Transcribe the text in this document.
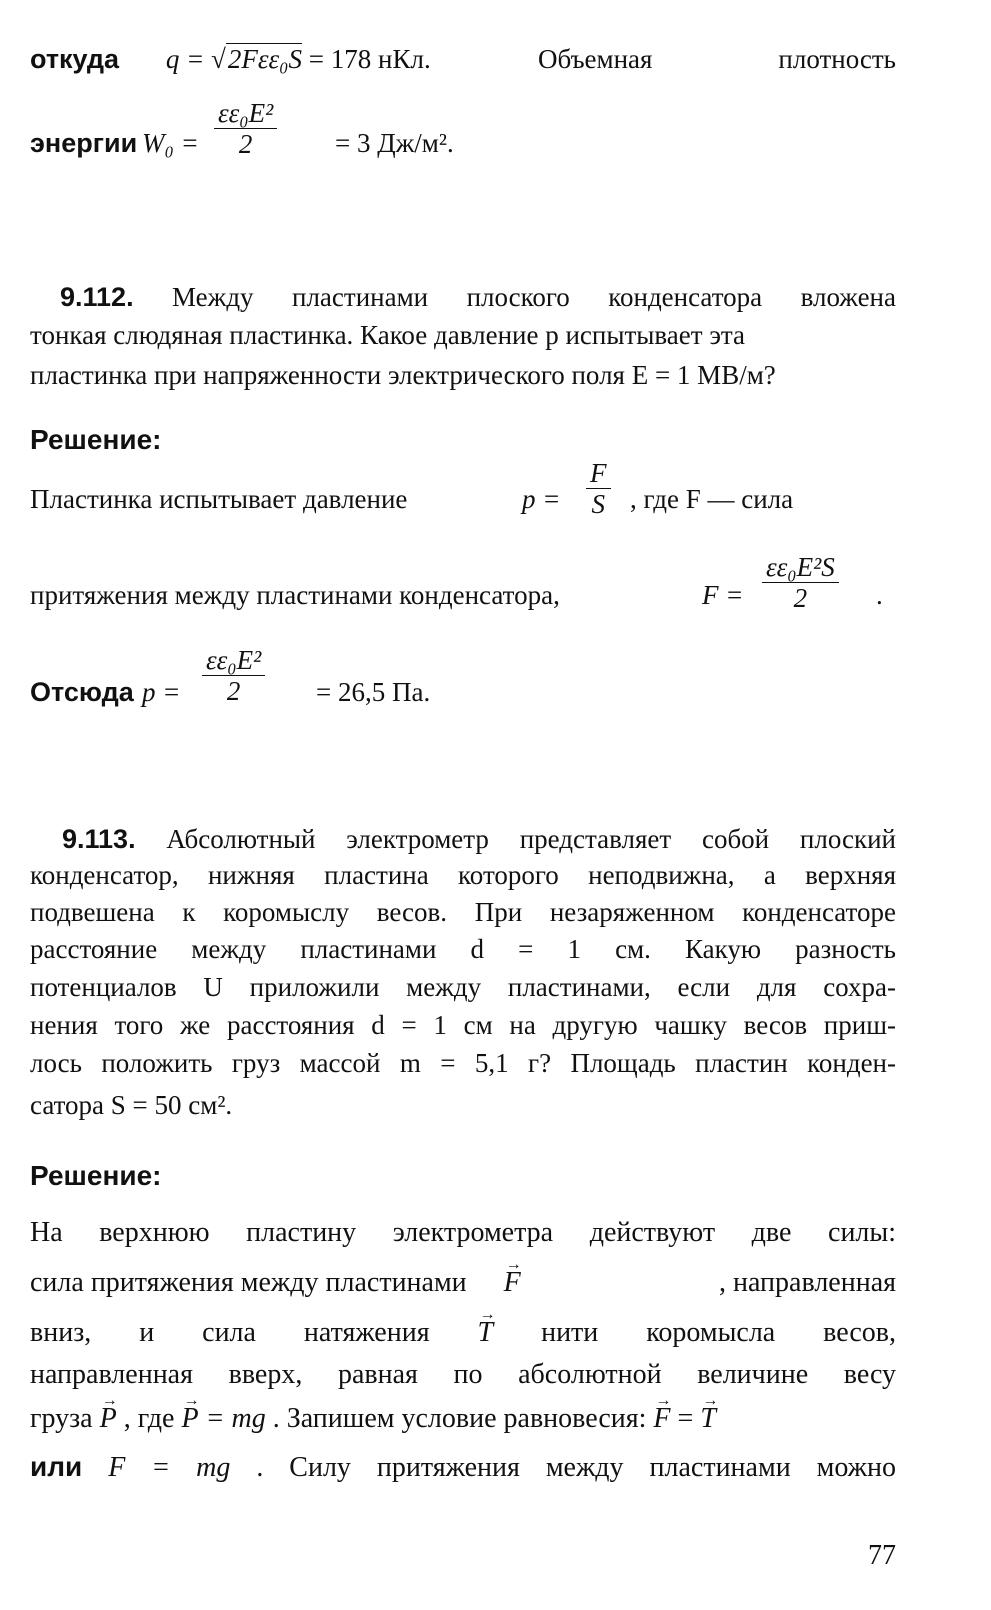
откуда q = √2Fεε₀S = 178 нКл.	Объемная	плотность
энергии $W_0 = \frac{\text{εε₀E²}}{2} = 3$ Дж/м².
9.112. Между пластинами плоского конденсатора вложена
тонкая слюдяная пластинка. Какое давление p испытывает эта
пластинка при напряженности электрического поля E = 1 МВ/м?
Решение:
Пластинка испытывает давление	$p = \frac{F}{S}$ , где F — сила
притяжения между пластинами конденсатора,	$F = \frac{\text{εε₀E²S}}{2}$ .
Отсюда $p = \frac{\text{εε₀E²}}{2} = 26,5$ Па.
9.113. Абсолютный электрометр представляет собой плоский
конденсатор, нижняя пластина которого неподвижна, а верхняя
подвешена к коромыслу весов. При незаряженном конденсаторе
расстояние между пластинами d = 1 см. Какую разность
потенциалов U приложили между пластинами, если для сохра-
нения того же расстояния d = 1 см на другую чашку весов приш-
лось положить груз массой m = 5,1 г? Площадь пластин конден-
сатора S = 50 см².
Решение:
На верхнюю пластину электрометра действуют две силы:
сила притяжения между пластинами F →	, направленная
вниз, и сила натяжения T → нити коромысла весов,
направленная вверх, равная по абсолютной величине весу
груза P → , где P → = mg . Запишем условие равновесия: F → = T →
или F = mg . Силу притяжения между пластинами можно
77
